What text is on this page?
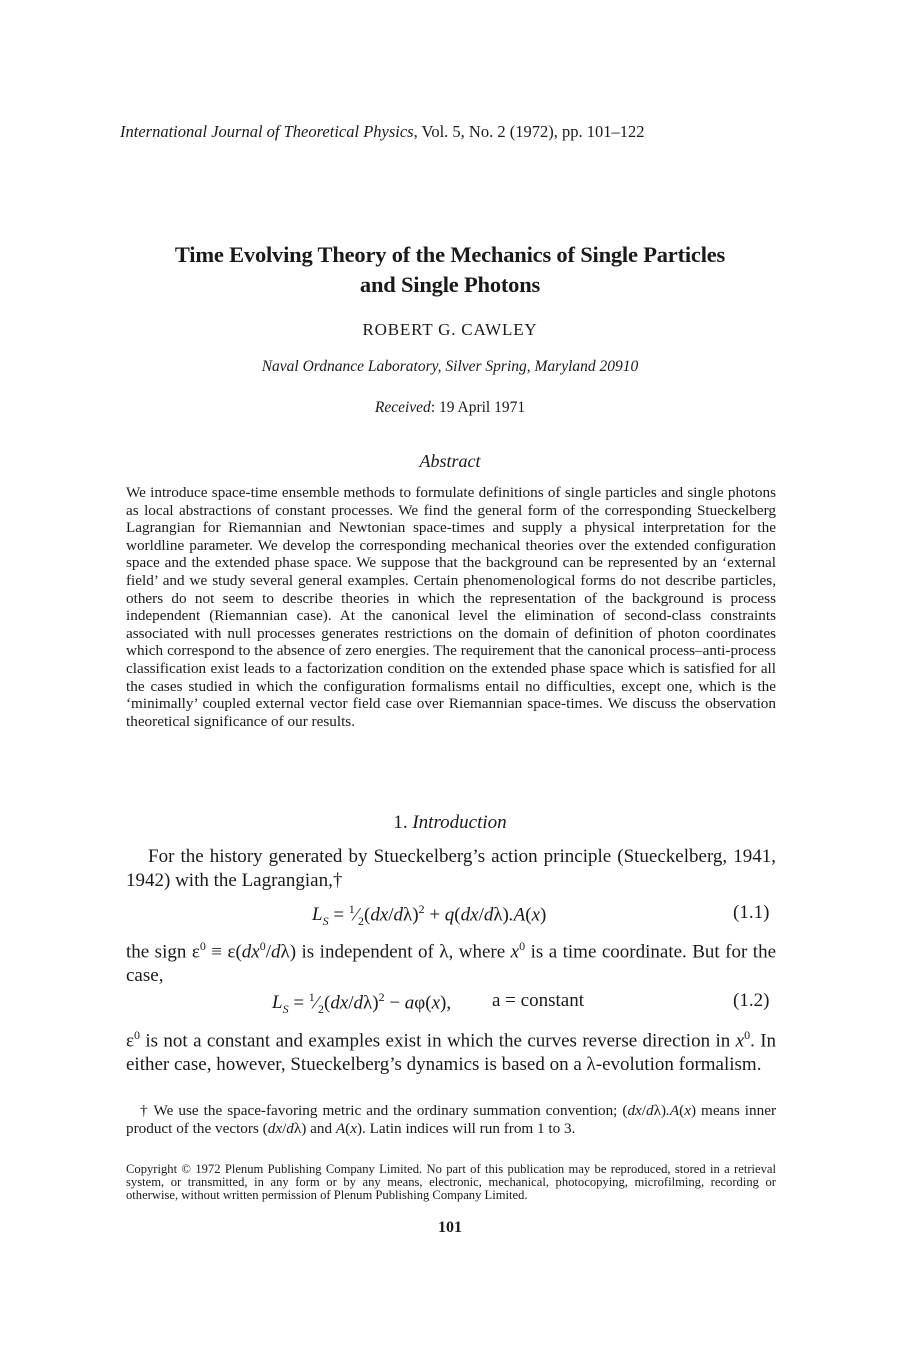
International Journal of Theoretical Physics, Vol. 5, No. 2 (1972), pp. 101–122
Time Evolving Theory of the Mechanics of Single Particles
and Single Photons
ROBERT G. CAWLEY
Naval Ordnance Laboratory, Silver Spring, Maryland 20910
Received: 19 April 1971
Abstract
We introduce space-time ensemble methods to formulate definitions of single particles and single photons as local abstractions of constant processes. We find the general form of the corresponding Stueckelberg Lagrangian for Riemannian and Newtonian space-times and supply a physical interpretation for the worldline parameter. We develop the corresponding mechanical theories over the extended configuration space and the extended phase space. We suppose that the background can be represented by an ‘external field’ and we study several general examples. Certain phenomenological forms do not describe particles, others do not seem to describe theories in which the representation of the background is process independent (Riemannian case). At the canonical level the elimination of second-class constraints associated with null processes generates restrictions on the domain of definition of photon coordinates which correspond to the absence of zero energies. The requirement that the canonical process–anti-process classification exist leads to a factorization condition on the extended phase space which is satisfied for all the cases studied in which the configuration formalisms entail no difficulties, except one, which is the ‘minimally’ coupled external vector field case over Riemannian space-times. We discuss the observation theoretical significance of our results.
1. Introduction
For the history generated by Stueckelberg’s action principle (Stueckelberg, 1941, 1942) with the Lagrangian,†
$L_S$ = $^1⁄_2(dx/d\lambda)^2 + q(dx/d\lambda).A(x)$	(1.1)
the sign $\varepsilon^0 \equiv \varepsilon(dx^0/d\lambda)$ is independent of λ, where $x^0$ is a time coordinate. But for the case,
$L_S$ = $^1⁄_2(dx/d\lambda)^2 - a\varphi(x)$, a = constant	(1.2)
$\varepsilon^0$ is not a constant and examples exist in which the curves reverse direction in $x^0$. In either case, however, Stueckelberg’s dynamics is based on a λ-evolution formalism.
† We use the space-favoring metric and the ordinary summation convention; (dx/dλ).A(x) means inner product of the vectors (dx/dλ) and A(x). Latin indices will run from 1 to 3.
Copyright © 1972 Plenum Publishing Company Limited. No part of this publication may be reproduced, stored in a retrieval system, or transmitted, in any form or by any means, electronic, mechanical, photocopying, microfilming, recording or otherwise, without written permission of Plenum Publishing Company Limited.
101
